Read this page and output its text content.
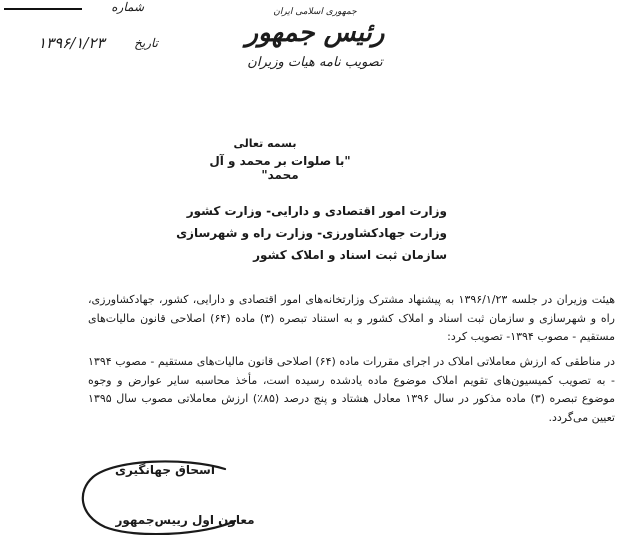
شماره
تاریخ
۱۳۹۶/۱/۲۳
جمهوری اسلامی ایران
رئیس جمهور
تصویب نامه هیات وزیران
بسمه تعالی
"با صلوات بر محمد و آل محمد"
وزارت امور اقتصادی و دارایی- وزارت کشور
وزارت جهادکشاورزی- وزارت راه و شهرسازی
سازمان ثبت اسناد و املاک کشور
هیئت وزیران در جلسه ۱۳۹۶/۱/۲۳ به پیشنهاد مشترک وزارتخانه‌های امور اقتصادی و دارایی، کشور، جهادکشاورزی، راه و شهرسازی و سازمان ثبت اسناد و املاک کشور و به استناد تبصره (۳) ماده (۶۴) اصلاحی قانون مالیات‌های مستقیم - مصوب ۱۳۹۴- تصویب کرد:
در مناطقی که ارزش معاملاتی املاک در اجرای مقررات ماده (۶۴) اصلاحی قانون مالیات‌های مستقیم - مصوب ۱۳۹۴ - به تصویب کمیسیون‌های تقویم املاک موضوع ماده یادشده رسیده است، مأخذ محاسبه سایر عوارض و وجوه موضوع تبصره (۳) ماده مذکور در سال ۱۳۹۶ معادل هشتاد و پنج درصد (۸۵٪) ارزش معاملاتی مصوب سال ۱۳۹۵ تعیین می‌گردد.
اسحاق جهانگیری
معاون اول رییس‌جمهور
